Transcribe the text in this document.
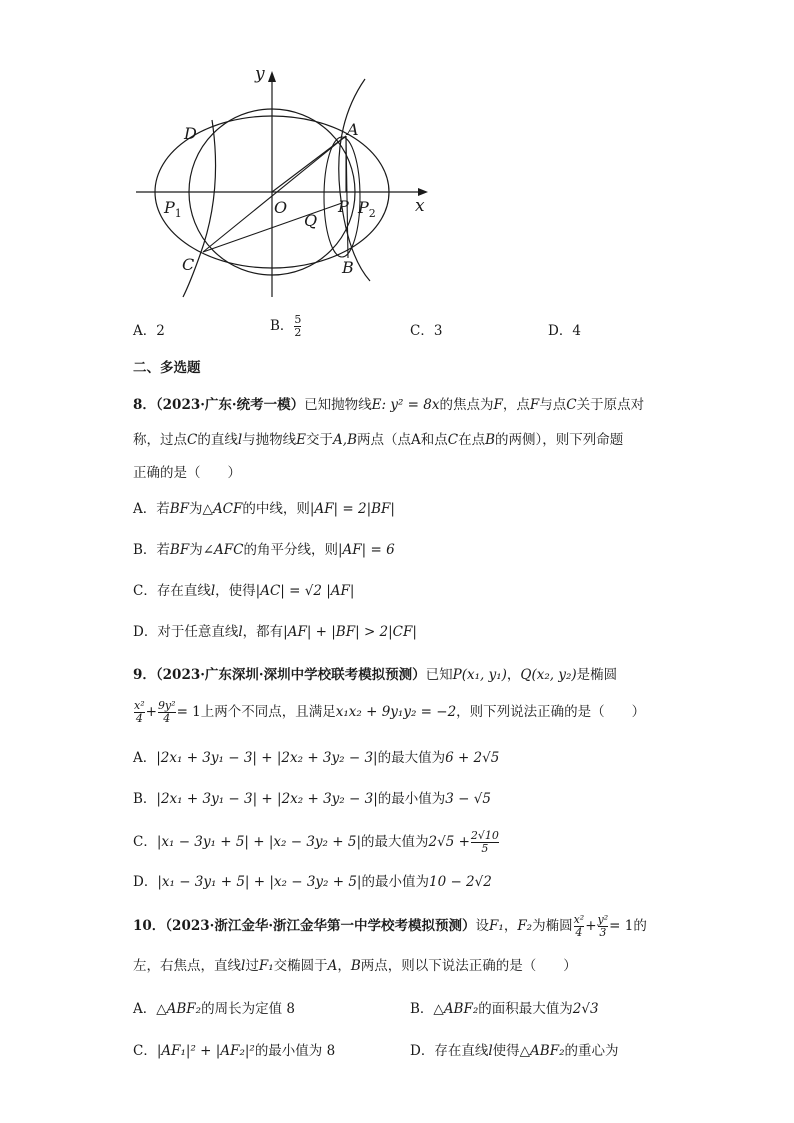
y
x
D	A
O
$P_1$	Q
P $P_2$
C	B
A．2	B． $\frac{5}{2}$	C．3	D．4
二、多选题
8．（2023·广东·统考一模）已知抛物线E: y² = 8x的焦点为F，点F与点C关于原点对
称，过点C的直线l与抛物线E交于A,B两点（点A和点C在点B的两侧），则下列命题
正确的是（　　）
A．若BF为△ACF的中线，则|AF| = 2|BF|
B．若BF为∠AFC的角平分线，则|AF| = 6
C．存在直线l，使得|AC| = √2 |AF|
D．对于任意直线l，都有|AF| + |BF| > 2|CF|
9．（2023·广东深圳·深圳中学校联考模拟预测）已知P(x₁, y₁)，Q(x₂, y₂)是椭圆
$\frac{\text{x²}}{4} + \frac{\text{9y²}}{4} = 1$上两个不同点，且满足x₁x₂ + 9y₁y₂ = −2，则下列说法正确的是（　　）
A．|2x₁ + 3y₁ − 3| + |2x₂ + 3y₂ − 3|的最大值为6 + 2√5
B．|2x₁ + 3y₁ − 3| + |2x₂ + 3y₂ − 3|的最小值为3 − √5
C．|x₁ − 3y₁ + 5| + |x₂ − 3y₂ + 5|的最大值为$2√5 + \frac{2√10}{5}$
D．|x₁ − 3y₁ + 5| + |x₂ − 3y₂ + 5|的最小值为10 − 2√2
10．（2023·浙江金华·浙江金华第一中学校考模拟预测）设F₁，F₂为椭圆 $\frac{\text{x²}}{4} + \frac{\text{y²}}{3} = 1$的
左，右焦点，直线l过F₁交椭圆于A，B两点，则以下说法正确的是（　　）
A．△ABF₂的周长为定值 8	B．△ABF₂的面积最大值为2√3
C．|AF₁|² + |AF₂|²的最小值为 8	D．存在直线l使得△ABF₂的重心为
